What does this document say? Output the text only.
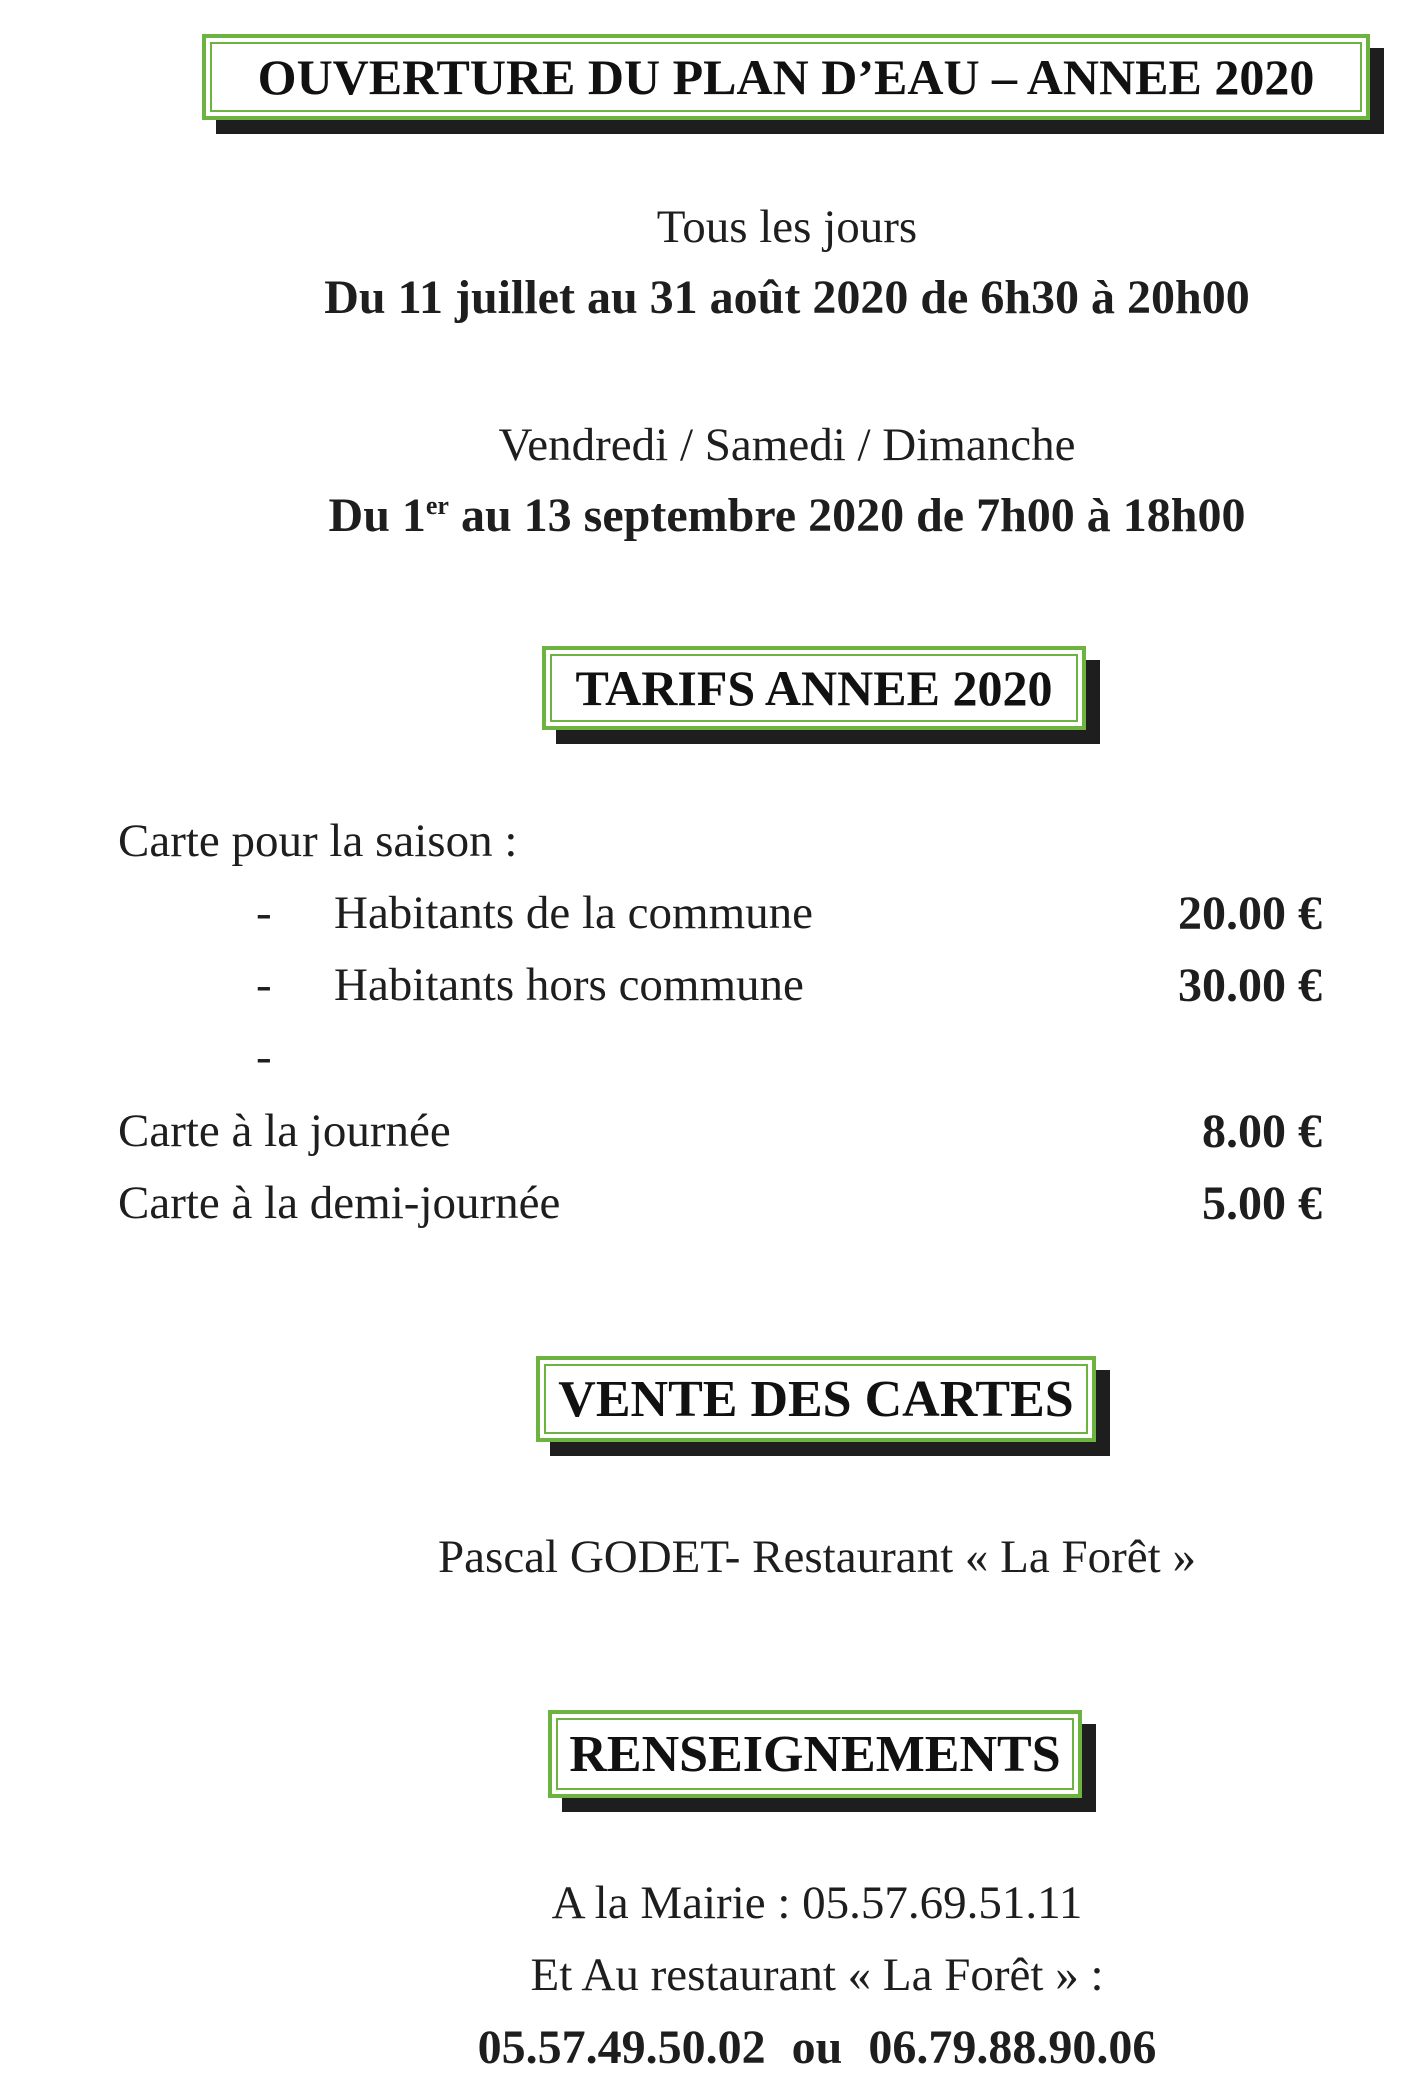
OUVERTURE DU PLAN D’EAU – ANNEE 2020
Tous les jours
Du 11 juillet au 31 août 2020 de 6h30 à 20h00
Vendredi / Samedi / Dimanche
Du 1er au 13 septembre 2020 de 7h00 à 18h00
TARIFS ANNEE 2020
Carte pour la saison :
- Habitants de la commune	20.00 €
- Habitants hors commune	30.00 €
-
Carte à la journée	8.00 €
Carte à la demi-journée	5.00 €
VENTE DES CARTES
Pascal GODET- Restaurant « La Forêt »
RENSEIGNEMENTS
A la Mairie : 05.57.69.51.11
Et Au restaurant « La Forêt » :
05.57.49.50.02 ou 06.79.88.90.06
